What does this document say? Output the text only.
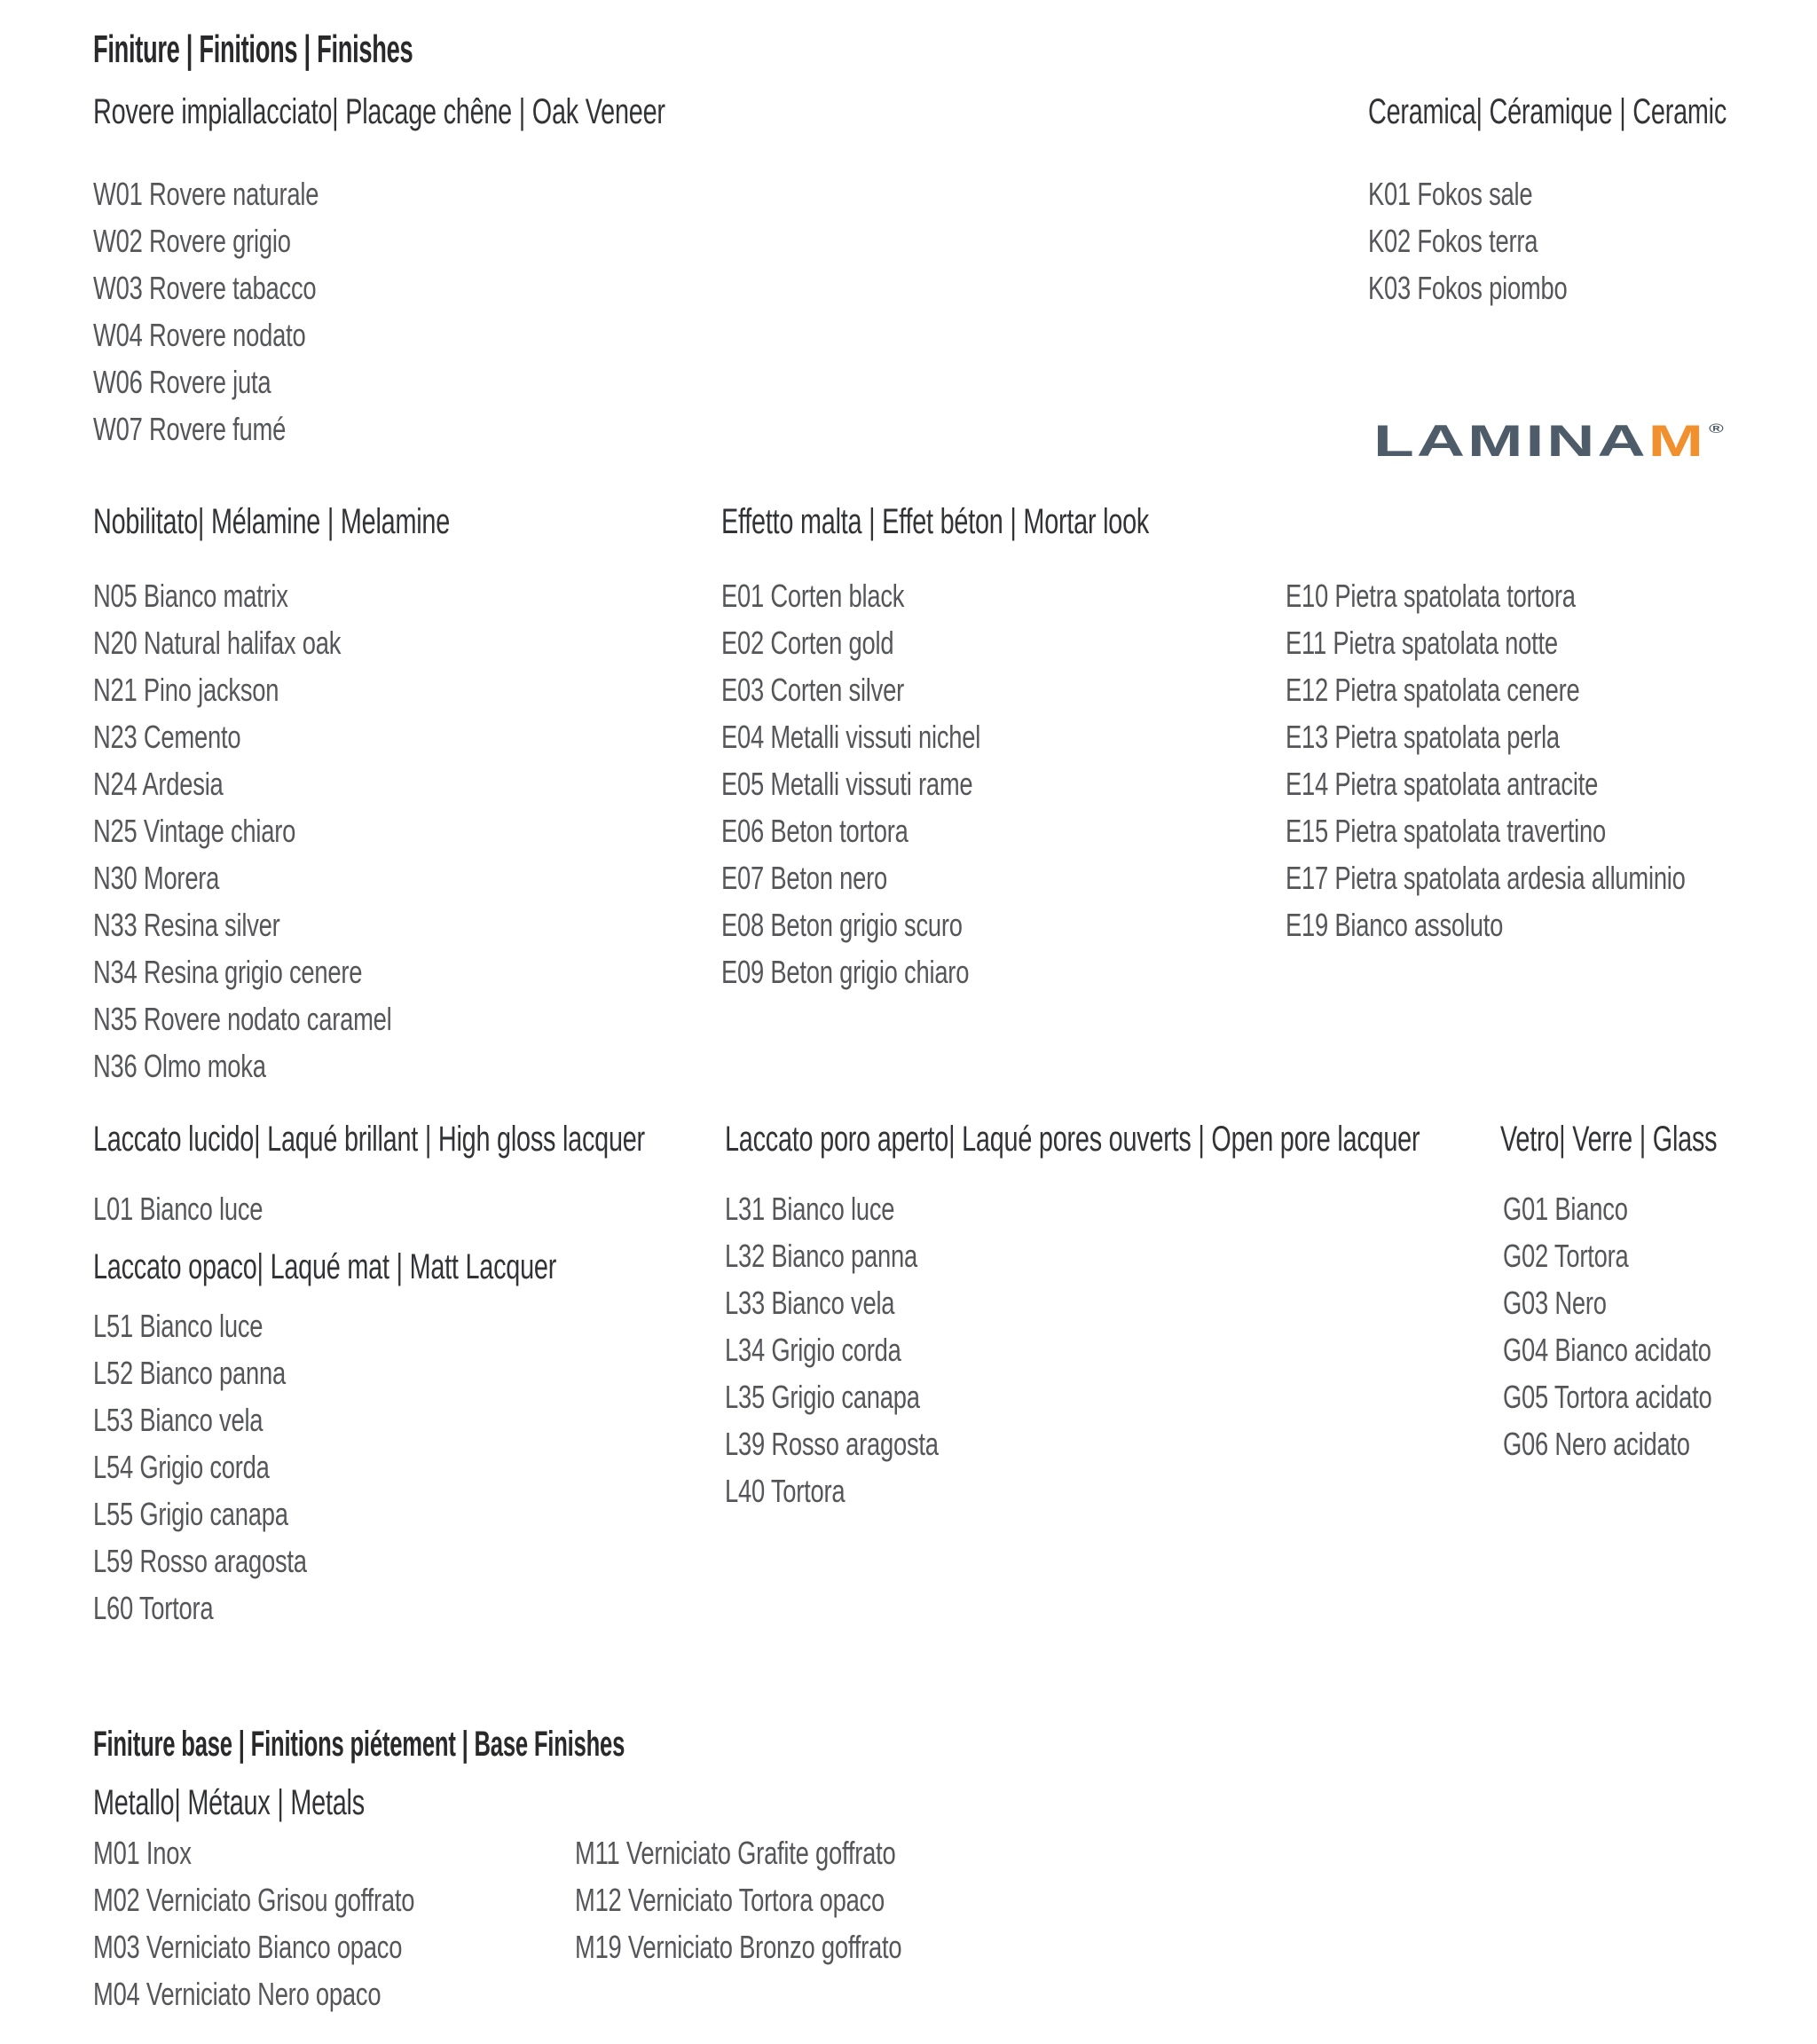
Finiture | Finitions | Finishes
Rovere impiallacciato| Placage chêne | Oak Veneer	Ceramica| Céramique | Ceramic
W01 Rovere naturale
W02 Rovere grigio
W03 Rovere tabacco
W04 Rovere nodato
W06 Rovere juta
W07 Rovere fumé
K01 Fokos sale
K02 Fokos terra
K03 Fokos piombo
LAMINAM ®
Nobilitato| Mélamine | Melamine	Effetto malta | Effet béton | Mortar look
N05 Bianco matrix
N20 Natural halifax oak
N21 Pino jackson
N23 Cemento
N24 Ardesia
N25 Vintage chiaro
N30 Morera
N33 Resina silver
N34 Resina grigio cenere
N35 Rovere nodato caramel
N36 Olmo moka
E01 Corten black
E02 Corten gold
E03 Corten silver
E04 Metalli vissuti nichel
E05 Metalli vissuti rame
E06 Beton tortora
E07 Beton nero
E08 Beton grigio scuro
E09 Beton grigio chiaro
E10 Pietra spatolata tortora
E11 Pietra spatolata notte
E12 Pietra spatolata cenere
E13 Pietra spatolata perla
E14 Pietra spatolata antracite
E15 Pietra spatolata travertino
E17 Pietra spatolata ardesia alluminio
E19 Bianco assoluto
Laccato lucido| Laqué brillant | High gloss lacquer Laccato poro aperto| Laqué pores ouverts | Open pore lacquer Vetro| Verre | Glass
L01 Bianco luce
Laccato opaco| Laqué mat | Matt Lacquer
L51 Bianco luce
L52 Bianco panna
L53 Bianco vela
L54 Grigio corda
L55 Grigio canapa
L59 Rosso aragosta
L60 Tortora
L31 Bianco luce
L32 Bianco panna
L33 Bianco vela
L34 Grigio corda
L35 Grigio canapa
L39 Rosso aragosta
L40 Tortora
G01 Bianco
G02 Tortora
G03 Nero
G04 Bianco acidato
G05 Tortora acidato
G06 Nero acidato
Finiture base | Finitions piétement | Base Finishes
Metallo| Métaux | Metals
M01 Inox
M02 Verniciato Grisou goffrato
M03 Verniciato Bianco opaco
M04 Verniciato Nero opaco
M11 Verniciato Grafite goffrato
M12 Verniciato Tortora opaco
M19 Verniciato Bronzo goffrato
